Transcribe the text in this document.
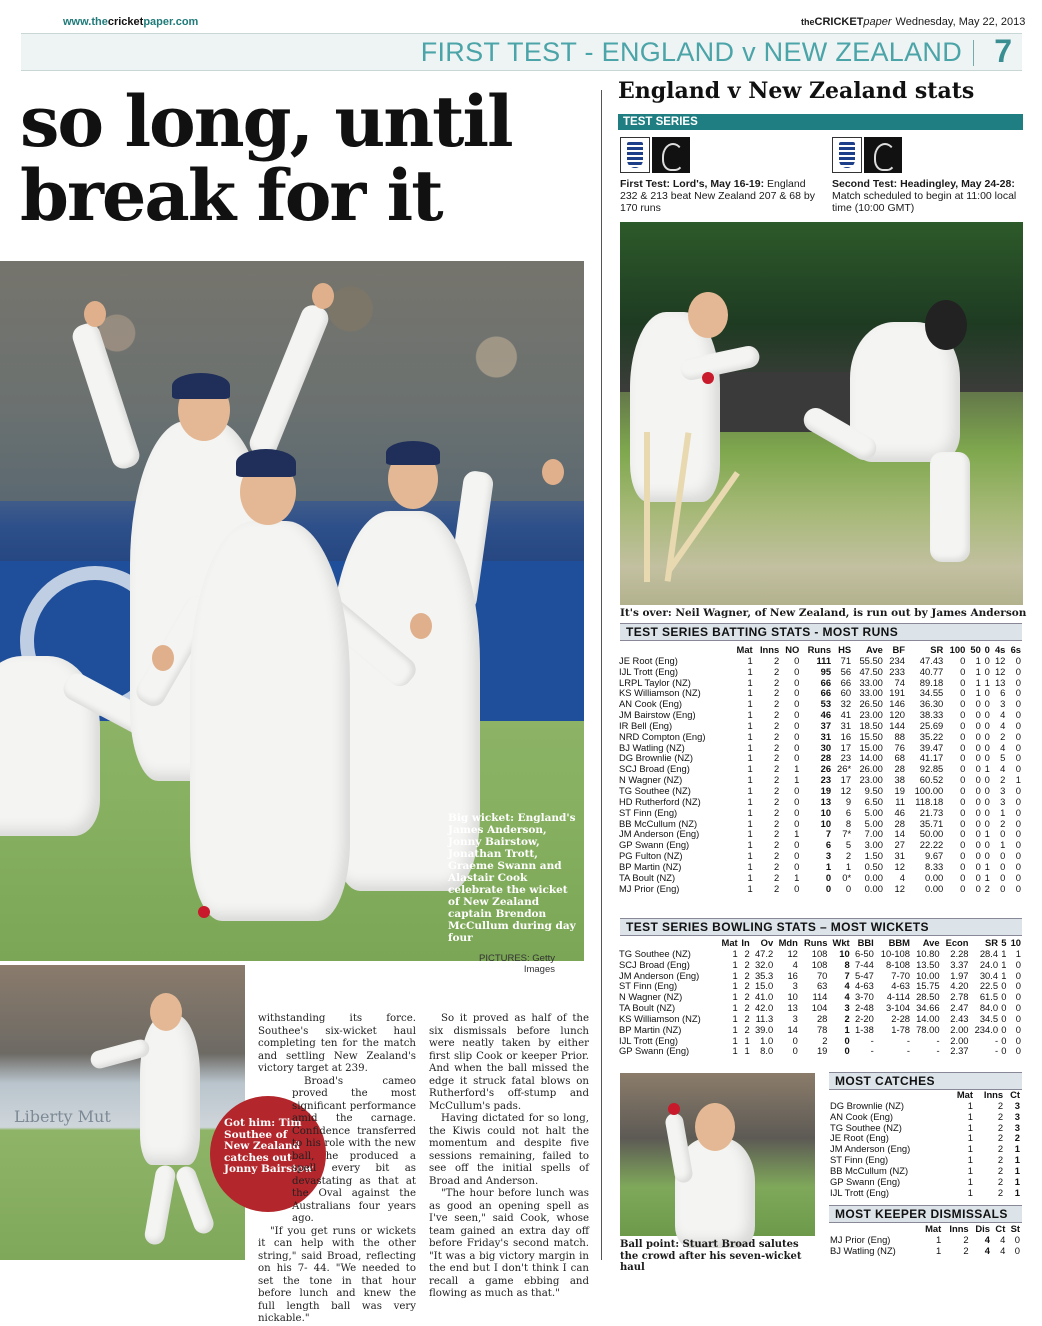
www.thecricketpaper.com	theCRICKETpaper Wednesday, May 22, 2013
FIRST TEST - ENGLAND v NEW ZEALAND 7
so long, until
break for it
Big wicket: England's James Anderson, Jonny Bairstow, Jonathan Trott, Graeme Swann and Alastair Cook celebrate the wicket of New Zealand captain Brendon McCullum during day four
PICTURES: Getty
Images
Liberty Mut	Got him: Tim Southee of New Zealand catches out Jonny Bairstow

withstanding its force. Southee's six-wicket haul completing ten for the match and settling New Zealand's victory target at 239.

Broad's cameo proved the most significant performance amid the carnage. Confidence transferred to his role with the new ball, he produced a spell every bit as devastating as that at the Oval against the Australians four years ago.

"If you get runs or wickets it can help with the other string," said Broad, reflecting on his 7- 44. "We needed to set the tone in that hour before lunch and knew the full length ball was very nickable."

So it proved as half of the six dismissals before lunch were neatly taken by either first slip Cook or keeper Prior. And when the ball missed the edge it struck fatal blows on Rutherford's off-stump and McCullum's pads.

Having dictated for so long, the Kiwis could not halt the momentum and despite five sessions remaining, failed to see off the initial spells of Broad and Anderson.

"The hour before lunch was as good an opening spell as I've seen," said Cook, whose team gained an extra day off before Friday's second match. "It was a big victory margin in the end but I don't think I can recall a game ebbing and flowing as much as that."

England v New Zealand stats
TEST SERIES
First Test: Lord's, May 16-19: England 232 & 213 beat New Zealand 207 & 68 by 170 runs
Second Test: Headingley, May 24-28: Match scheduled to begin at 11:00 local time (10:00 GMT)
It's over: Neil Wagner, of New Zealand, is run out by James Anderson
TEST SERIES BATTING STATS - MOST RUNS
	Mat	Inns	NO	Runs	HS	Ave	BF	SR	100	50	0	4s	6s
JE Root (Eng)	1	2	0	111	71	55.50	234	47.43	0	1	0	12	0
IJL Trott (Eng)	1	2	0	95	56	47.50	233	40.77	0	1	0	12	0
LRPL Taylor (NZ)	1	2	0	66	66	33.00	74	89.18	0	1	1	13	0
KS Williamson (NZ)	1	2	0	66	60	33.00	191	34.55	0	1	0	6	0
AN Cook (Eng)	1	2	0	53	32	26.50	146	36.30	0	0	0	3	0
JM Bairstow (Eng)	1	2	0	46	41	23.00	120	38.33	0	0	0	4	0
IR Bell (Eng)	1	2	0	37	31	18.50	144	25.69	0	0	0	4	0
NRD Compton (Eng)	1	2	0	31	16	15.50	88	35.22	0	0	0	2	0
BJ Watling (NZ)	1	2	0	30	17	15.00	76	39.47	0	0	0	4	0
DG Brownlie (NZ)	1	2	0	28	23	14.00	68	41.17	0	0	0	5	0
SCJ Broad (Eng)	1	2	1	26	26*	26.00	28	92.85	0	0	1	4	0
N Wagner (NZ)	1	2	1	23	17	23.00	38	60.52	0	0	0	2	1
TG Southee (NZ)	1	2	0	19	12	9.50	19	100.00	0	0	0	3	0
HD Rutherford (NZ)	1	2	0	13	9	6.50	11	118.18	0	0	0	3	0
ST Finn (Eng)	1	2	0	10	6	5.00	46	21.73	0	0	0	1	0
BB McCullum (NZ)	1	2	0	10	8	5.00	28	35.71	0	0	0	2	0
JM Anderson (Eng)	1	2	1	7	7*	7.00	14	50.00	0	0	1	0	0
GP Swann (Eng)	1	2	0	6	5	3.00	27	22.22	0	0	0	1	0
PG Fulton (NZ)	1	2	0	3	2	1.50	31	9.67	0	0	0	0	0
BP Martin (NZ)	1	2	0	1	1	0.50	12	8.33	0	0	1	0	0
TA Boult (NZ)	1	2	1	0	0*	0.00	4	0.00	0	0	1	0	0
MJ Prior (Eng)	1	2	0	0	0	0.00	12	0.00	0	0	2	0	0
TEST SERIES BOWLING STATS – MOST WICKETS
	Mat	In	Ov	Mdn	Runs	Wkt	BBI	BBM	Ave	Econ	SR	5	10
TG Southee (NZ)	1	2	47.2	12	108	10	6-50	10-108	10.80	2.28	28.4	1	1
SCJ Broad (Eng)	1	2	32.0	4	108	8	7-44	8-108	13.50	3.37	24.0	1	0
JM Anderson (Eng)	1	2	35.3	16	70	7	5-47	7-70	10.00	1.97	30.4	1	0
ST Finn (Eng)	1	2	15.0	3	63	4	4-63	4-63	15.75	4.20	22.5	0	0
N Wagner (NZ)	1	2	41.0	10	114	4	3-70	4-114	28.50	2.78	61.5	0	0
TA Boult (NZ)	1	2	42.0	13	104	3	2-48	3-104	34.66	2.47	84.0	0	0
KS Williamson (NZ)	1	2	11.3	3	28	2	2-20	2-28	14.00	2.43	34.5	0	0
BP Martin (NZ)	1	2	39.0	14	78	1	1-38	1-78	78.00	2.00	234.0	0	0
IJL Trott (Eng)	1	1	1.0	0	2	0	-	-	-	2.00	-	0	0
GP Swann (Eng)	1	1	8.0	0	19	0	-	-	-	2.37	-	0	0
Ball point: Stuart Broad salutes the crowd after his seven-wicket haul
MOST CATCHES
	Mat	Inns	Ct
DG Brownlie (NZ)	1	2	3
AN Cook (Eng)	1	2	3
TG Southee (NZ)	1	2	3
JE Root (Eng)	1	2	2
JM Anderson (Eng)	1	2	1
ST Finn (Eng)	1	2	1
BB McCullum (NZ)	1	2	1
GP Swann (Eng)	1	2	1
IJL Trott (Eng)	1	2	1
MOST KEEPER DISMISSALS
	Mat	Inns	Dis	Ct	St
MJ Prior (Eng)	1	2	4	4	0
BJ Watling (NZ)	1	2	4	4	0
